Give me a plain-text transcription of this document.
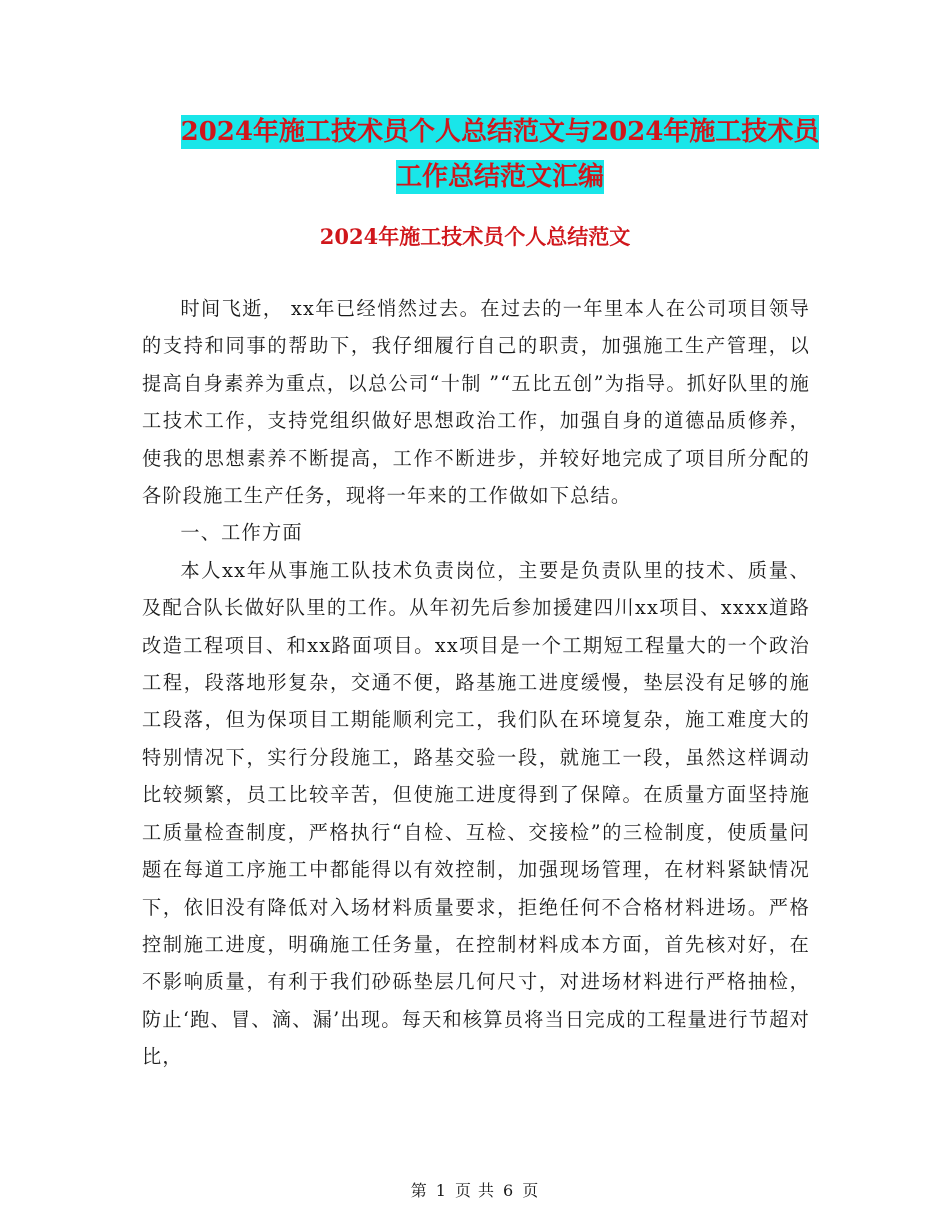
2024年施工技术员个人总结范文与2024年施工技术员
工作总结范文汇编
2024年施工技术员个人总结范文

时间飞逝， xx年已经悄然过去。在过去的一年里本人在公司项目领导的支持和同事的帮助下，我仔细履行自己的职责，加强施工生产管理，以提高自身素养为重点，以总公司“十制 ”“五比五创”为指导。抓好队里的施工技术工作，支持党组织做好思想政治工作，加强自身的道德品质修养，使我的思想素养不断提高，工作不断进步，并较好地完成了项目所分配的各阶段施工生产任务，现将一年来的工作做如下总结。

一、工作方面

本人xx年从事施工队技术负责岗位，主要是负责队里的技术、质量、及配合队长做好队里的工作。从年初先后参加援建四川xx项目、xxxx道路改造工程项目、和xx路面项目。xx项目是一个工期短工程量大的一个政治工程，段落地形复杂，交通不便，路基施工进度缓慢，垫层没有足够的施工段落，但为保项目工期能顺利完工，我们队在环境复杂，施工难度大的特别情况下，实行分段施工，路基交验一段，就施工一段，虽然这样调动比较频繁，员工比较辛苦，但使施工进度得到了保障。在质量方面坚持施工质量检查制度，严格执行“自检、互检、交接检”的三检制度，使质量问题在每道工序施工中都能得以有效控制，加强现场管理，在材料紧缺情况下，依旧没有降低对入场材料质量要求，拒绝任何不合格材料进场。严格控制施工进度，明确施工任务量，在控制材料成本方面，首先核对好，在不影响质量，有利于我们砂砾垫层几何尺寸，对进场材料进行严格抽检，防止‘跑、冒、滴、漏’出现。每天和核算员将当日完成的工程量进行节超对比，

第 1 页 共 6 页
